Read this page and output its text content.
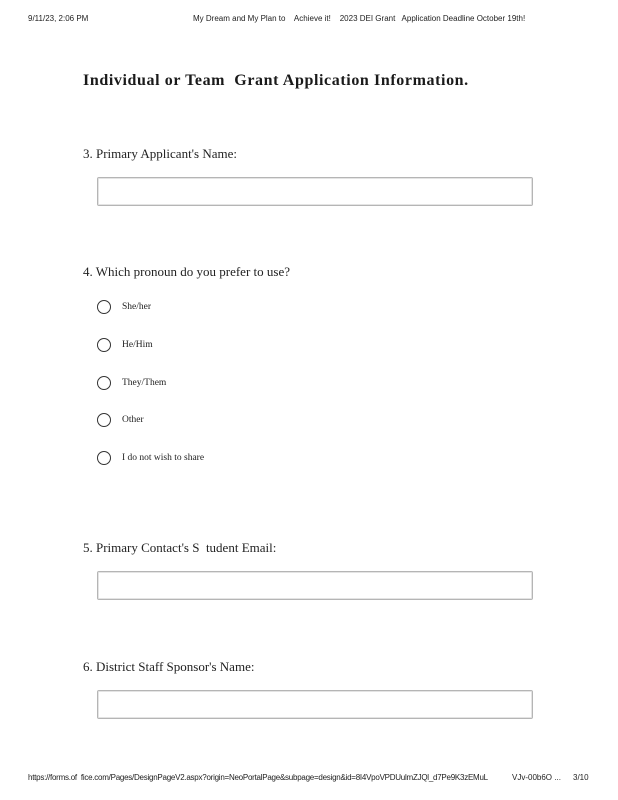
9/11/23, 2:06 PM	My Dream and My Plan to    Achieve it!    2023 DEI Grant   Application Deadline October 19th!
Individual or Team  Grant Application Information.
3. Primary Applicant's Name:
4. Which pronoun do you prefer to use?
She/her
He/Him
They/Them
Other
I do not wish to share
5. Primary Contact's S  tudent Email:
6. District Staff Sponsor's Name:
https://forms.of  fice.com/Pages/DesignPageV2.aspx?origin=NeoPortalPage&subpage=design&id=8I4VpoVPDUulmZJQl_d7Pe9K3zEMuL	VJv-00b6O ... 3/10
